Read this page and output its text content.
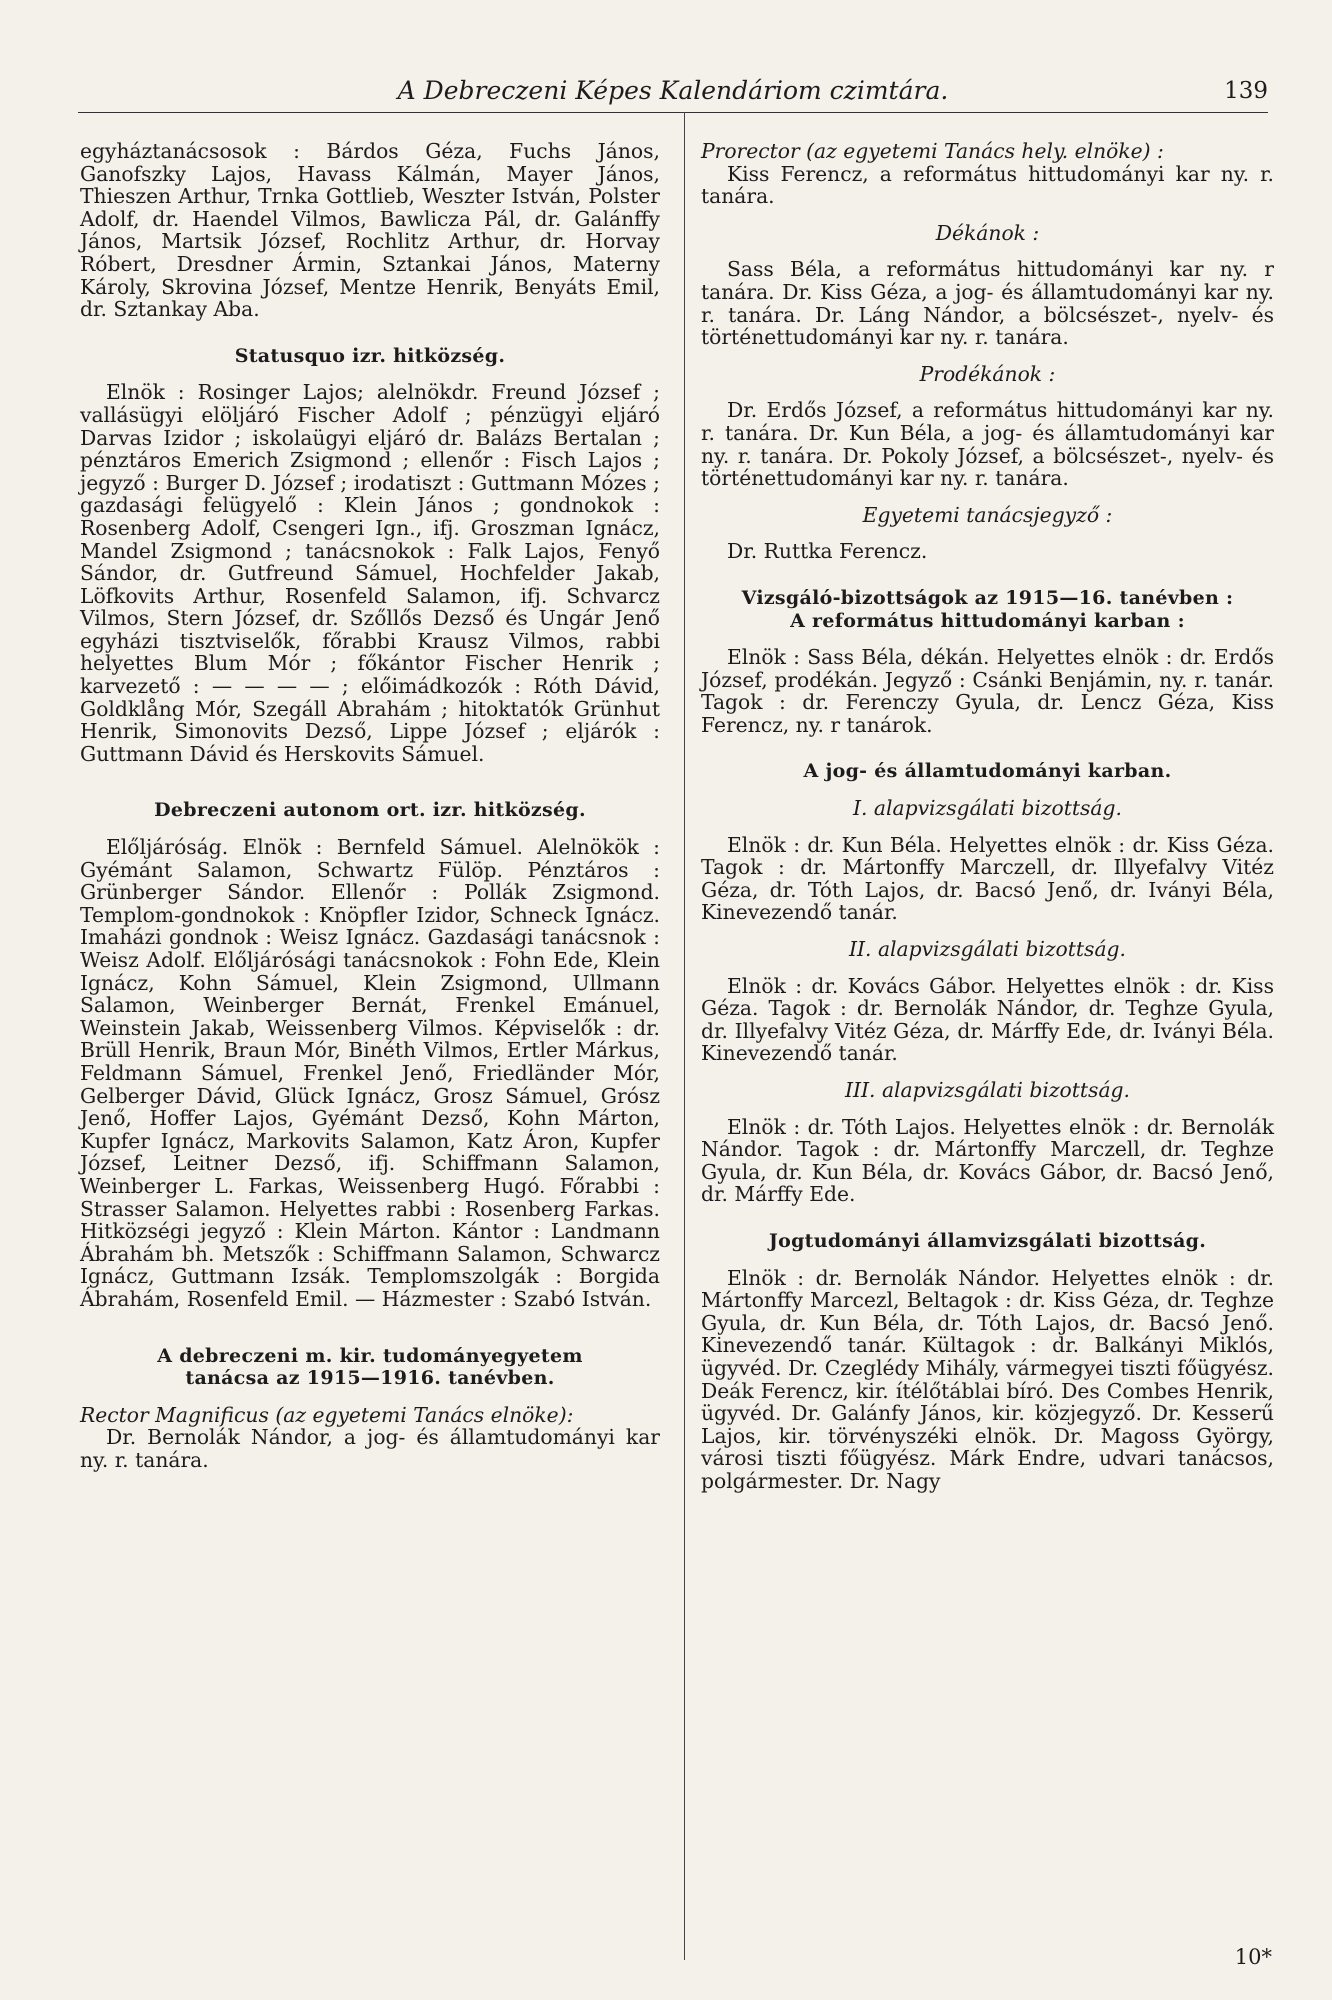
A Debreczeni Képes Kalendáriom czimtára.	139

egyháztanácsosok : Bárdos Géza, Fuchs János, Ganofszky Lajos, Havass Kálmán, Mayer János, Thieszen Arthur, Trnka Gottlieb, Weszter István, Polster Adolf, dr. Haendel Vilmos, Bawlicza Pál, dr. Galánffy János, Martsik József, Rochlitz Arthur, dr. Horvay Róbert, Dresdner Ármin, Sztankai János, Materny Károly, Skrovina József, Mentze Henrik, Benyáts Emil, dr. Sztankay Aba.

Statusquo izr. hitközség.

Elnök : Rosinger Lajos; alelnökdr. Freund József ; vallásügyi elöljáró Fischer Adolf ; pénzügyi eljáró Darvas Izidor ; iskolaügyi eljáró dr. Balázs Bertalan ; pénztáros Emerich Zsigmond ; ellenőr : Fisch Lajos ; jegyző : Burger D. József ; irodatiszt : Guttmann Mózes ; gazdasági felügyelő : Klein János ; gondnokok : Rosenberg Adolf, Csengeri Ign., ifj. Groszman Ignácz, Mandel Zsigmond ; tanácsnokok : Falk Lajos, Fenyő Sándor, dr. Gutfreund Sámuel, Hochfelder Jakab, Löfkovits Arthur, Rosenfeld Salamon, ifj. Schvarcz Vilmos, Stern József, dr. Szőllős Dezső és Ungár Jenő egyházi tisztviselők, főrabbi Krausz Vilmos, rabbi helyettes Blum Mór ; főkántor Fischer Henrik ; karvezető : — — — — ; előimádkozók : Róth Dávid, Goldklång Mór, Szegáll Abrahám ; hitoktatók Grünhut Henrik, Simonovits Dezső, Lippe József ; eljárók : Guttmann Dávid és Herskovits Sámuel.

Debreczeni autonom ort. izr. hitközség.

Előljáróság. Elnök : Bernfeld Sámuel. Alelnökök : Gyémánt Salamon, Schwartz Fülöp. Pénztáros : Grünberger Sándor. Ellenőr : Pollák Zsigmond. Templom-gondnokok : Knöpfler Izidor, Schneck Ignácz. Imaházi gondnok : Weisz Ignácz. Gazdasági tanácsnok : Weisz Adolf. Előljárósági tanácsnokok : Fohn Ede, Klein Ignácz, Kohn Sámuel, Klein Zsigmond, Ullmann Salamon, Weinberger Bernát, Frenkel Emánuel, Weinstein Jakab, Weissenberg Vilmos. Képviselők : dr. Brüll Henrik, Braun Mór, Binéth Vilmos, Ertler Márkus, Feldmann Sámuel, Frenkel Jenő, Friedländer Mór, Gelberger Dávid, Glück Ignácz, Grosz Sámuel, Grósz Jenő, Hoffer Lajos, Gyémánt Dezső, Kohn Márton, Kupfer Ignácz, Markovits Salamon, Katz Áron, Kupfer József, Leitner Dezső, ifj. Schiffmann Salamon, Weinberger L. Farkas, Weissenberg Hugó. Főrabbi : Strasser Salamon. Helyettes rabbi : Rosenberg Farkas. Hitközségi jegyző : Klein Márton. Kántor : Landmann Ábrahám bh. Metszők : Schiffmann Salamon, Schwarcz Ignácz, Guttmann Izsák. Templomszolgák : Borgida Ábrahám, Rosenfeld Emil. — Házmester : Szabó István.

A debreczeni m. kir. tudományegyetem

tanácsa az 1915—1916. tanévben.

Rector Magnificus (az egyetemi Tanács elnöke):

Dr. Bernolák Nándor, a jog- és államtudományi kar ny. r. tanára.

Prorector (az egyetemi Tanács hely. elnöke) :

Kiss Ferencz, a református hittudományi kar ny. r. tanára.

Dékánok :

Sass Béla, a református hittudományi kar ny. r tanára. Dr. Kiss Géza, a jog- és államtudományi kar ny. r. tanára. Dr. Láng Nándor, a bölcsészet-, nyelv- és történettudományi kar ny. r. tanára.

Prodékánok :

Dr. Erdős József, a református hittudományi kar ny. r. tanára. Dr. Kun Béla, a jog- és államtudományi kar ny. r. tanára. Dr. Pokoly József, a bölcsészet-, nyelv- és történettudományi kar ny. r. tanára.

Egyetemi tanácsjegyző :

Dr. Ruttka Ferencz.

Vizsgáló-bizottságok az 1915—16. tanévben :

A református hittudományi karban :

Elnök : Sass Béla, dékán. Helyettes elnök : dr. Erdős József, prodékán. Jegyző : Csánki Benjámin, ny. r. tanár. Tagok : dr. Ferenczy Gyula, dr. Lencz Géza, Kiss Ferencz, ny. r tanárok.

A jog- és államtudományi karban.

I. alapvizsgálati bizottság.

Elnök : dr. Kun Béla. Helyettes elnök : dr. Kiss Géza. Tagok : dr. Mártonffy Marczell, dr. Illyefalvy Vitéz Géza, dr. Tóth Lajos, dr. Bacsó Jenő, dr. Iványi Béla, Kinevezendő tanár.

II. alapvizsgálati bizottság.

Elnök : dr. Kovács Gábor. Helyettes elnök : dr. Kiss Géza. Tagok : dr. Bernolák Nándor, dr. Teghze Gyula, dr. Illyefalvy Vitéz Géza, dr. Márffy Ede, dr. Iványi Béla. Kinevezendő tanár.

III. alapvizsgálati bizottság.

Elnök : dr. Tóth Lajos. Helyettes elnök : dr. Bernolák Nándor. Tagok : dr. Mártonffy Marczell, dr. Teghze Gyula, dr. Kun Béla, dr. Kovács Gábor, dr. Bacsó Jenő, dr. Márffy Ede.

Jogtudományi államvizsgálati bizottság.

Elnök : dr. Bernolák Nándor. Helyettes elnök : dr. Mártonffy Marcezl, Beltagok : dr. Kiss Géza, dr. Teghze Gyula, dr. Kun Béla, dr. Tóth Lajos, dr. Bacsó Jenő. Kinevezendő tanár. Kültagok : dr. Balkányi Miklós, ügyvéd. Dr. Czeglédy Mihály, vármegyei tiszti főügyész. Deák Ferencz, kir. ítélőtáblai bíró. Des Combes Henrik, ügyvéd. Dr. Galánfy János, kir. közjegyző. Dr. Kesserű Lajos, kir. törvényszéki elnök. Dr. Magoss György, városi tiszti főügyész. Márk Endre, udvari tanácsos, polgármester. Dr. Nagy

10*
